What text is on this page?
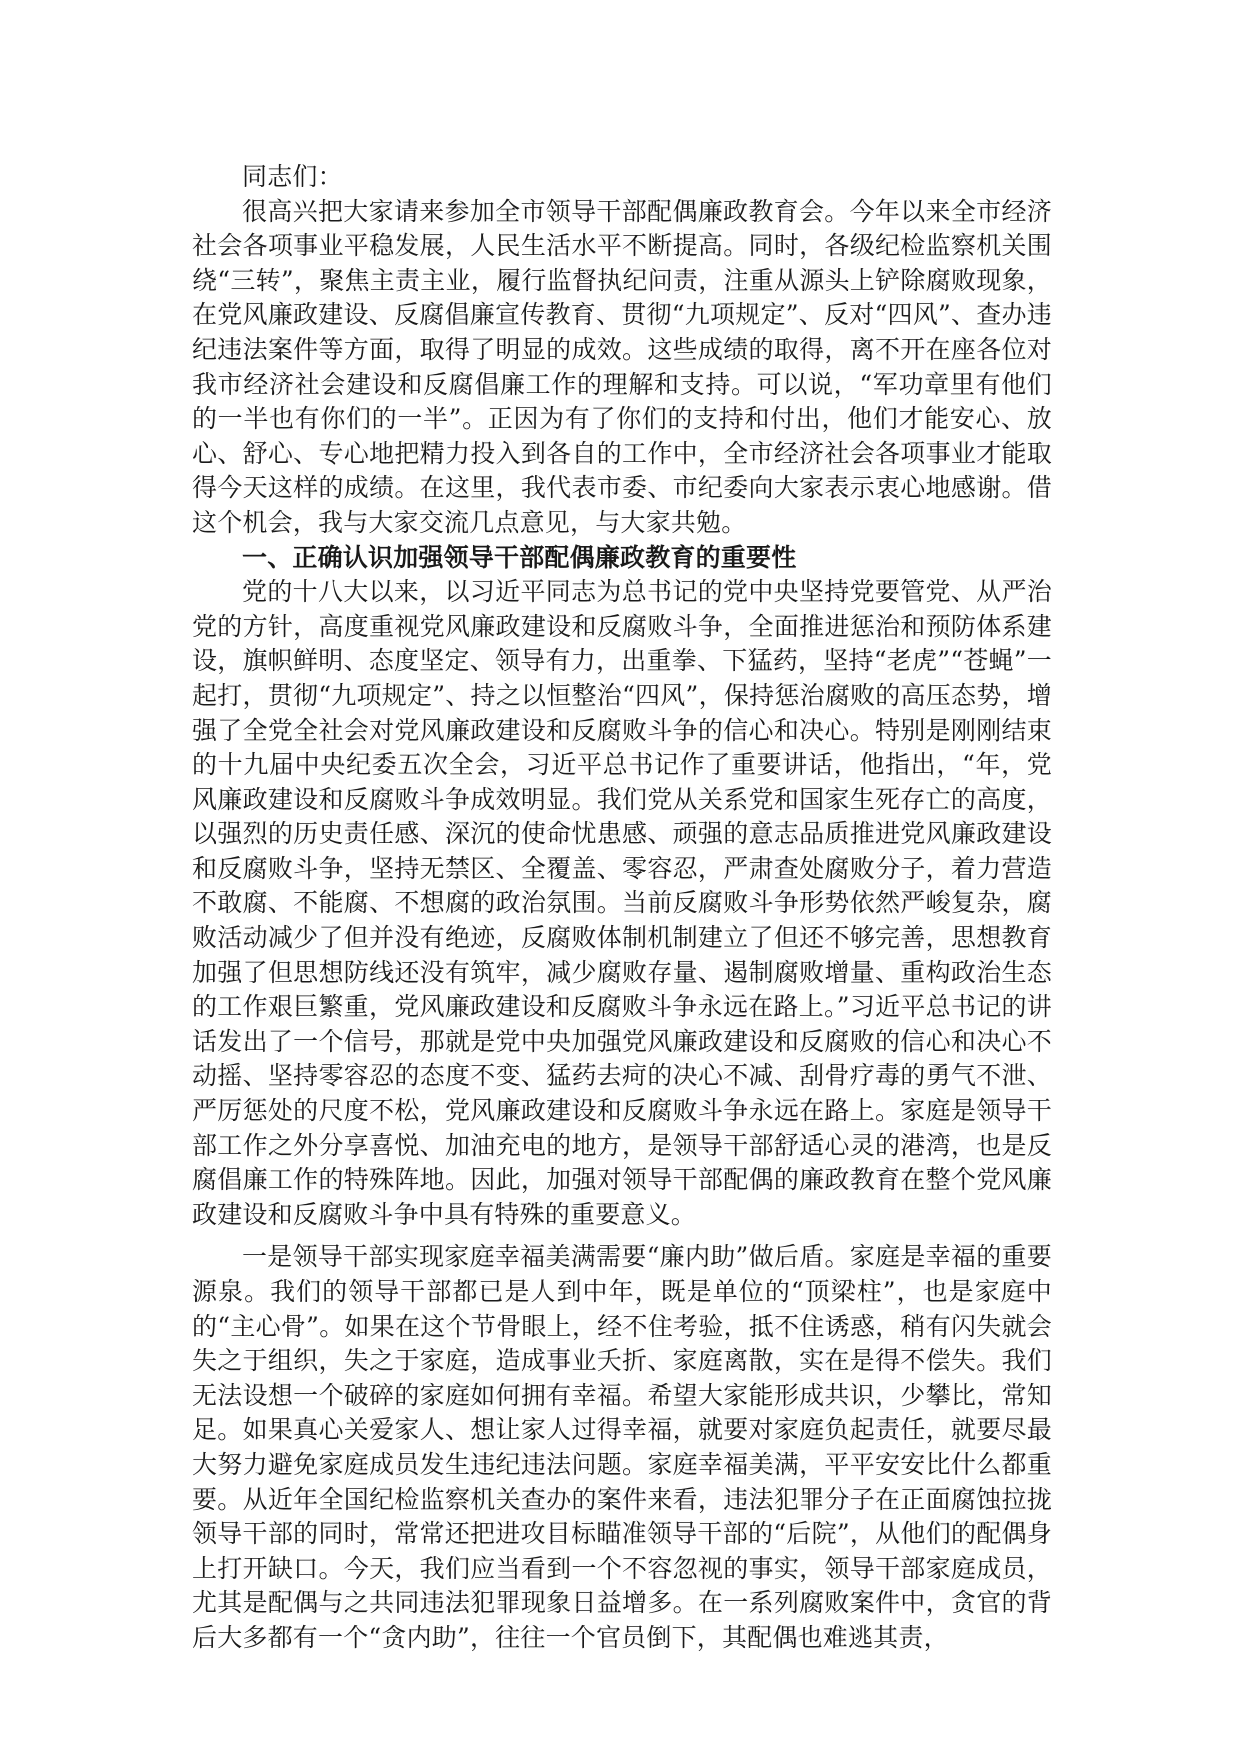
同志们：

很高兴把大家请来参加全市领导干部配偶廉政教育会。今年以来全市经济社会各项事业平稳发展，人民生活水平不断提高。同时，各级纪检监察机关围绕“三转”，聚焦主责主业，履行监督执纪问责，注重从源头上铲除腐败现象，在党风廉政建设、反腐倡廉宣传教育、贯彻“九项规定”、反对“四风”、查办违纪违法案件等方面，取得了明显的成效。这些成绩的取得，离不开在座各位对我市经济社会建设和反腐倡廉工作的理解和支持。可以说，“军功章里有他们的一半也有你们的一半”。正因为有了你们的支持和付出，他们才能安心、放心、舒心、专心地把精力投入到各自的工作中，全市经济社会各项事业才能取得今天这样的成绩。在这里，我代表市委、市纪委向大家表示衷心地感谢。借这个机会，我与大家交流几点意见，与大家共勉。

一、正确认识加强领导干部配偶廉政教育的重要性

党的十八大以来，以习近平同志为总书记的党中央坚持党要管党、从严治党的方针，高度重视党风廉政建设和反腐败斗争，全面推进惩治和预防体系建设，旗帜鲜明、态度坚定、领导有力，出重拳、下猛药，坚持“老虎”“苍蝇”一起打，贯彻“九项规定”、持之以恒整治“四风”，保持惩治腐败的高压态势，增强了全党全社会对党风廉政建设和反腐败斗争的信心和决心。特别是刚刚结束的十九届中央纪委五次全会，习近平总书记作了重要讲话，他指出，“年，党风廉政建设和反腐败斗争成效明显。我们党从关系党和国家生死存亡的高度，以强烈的历史责任感、深沉的使命忧患感、顽强的意志品质推进党风廉政建设和反腐败斗争，坚持无禁区、全覆盖、零容忍，严肃查处腐败分子，着力营造不敢腐、不能腐、不想腐的政治氛围。当前反腐败斗争形势依然严峻复杂，腐败活动减少了但并没有绝迹，反腐败体制机制建立了但还不够完善，思想教育加强了但思想防线还没有筑牢，减少腐败存量、遏制腐败增量、重构政治生态的工作艰巨繁重，党风廉政建设和反腐败斗争永远在路上。”习近平总书记的讲话发出了一个信号，那就是党中央加强党风廉政建设和反腐败的信心和决心不动摇、坚持零容忍的态度不变、猛药去疴的决心不减、刮骨疗毒的勇气不泄、严厉惩处的尺度不松，党风廉政建设和反腐败斗争永远在路上。家庭是领导干部工作之外分享喜悦、加油充电的地方，是领导干部舒适心灵的港湾，也是反腐倡廉工作的特殊阵地。因此，加强对领导干部配偶的廉政教育在整个党风廉政建设和反腐败斗争中具有特殊的重要意义。

一是领导干部实现家庭幸福美满需要“廉内助”做后盾。家庭是幸福的重要源泉。我们的领导干部都已是人到中年，既是单位的“顶梁柱”，也是家庭中的“主心骨”。如果在这个节骨眼上，经不住考验，抵不住诱惑，稍有闪失就会失之于组织，失之于家庭，造成事业夭折、家庭离散，实在是得不偿失。我们无法设想一个破碎的家庭如何拥有幸福。希望大家能形成共识，少攀比，常知足。如果真心关爱家人、想让家人过得幸福，就要对家庭负起责任，就要尽最大努力避免家庭成员发生违纪违法问题。家庭幸福美满，平平安安比什么都重要。从近年全国纪检监察机关查办的案件来看，违法犯罪分子在正面腐蚀拉拢领导干部的同时，常常还把进攻目标瞄准领导干部的“后院”，从他们的配偶身上打开缺口。今天，我们应当看到一个不容忽视的事实，领导干部家庭成员，尤其是配偶与之共同违法犯罪现象日益增多。在一系列腐败案件中，贪官的背后大多都有一个“贪内助”，往往一个官员倒下，其配偶也难逃其责，
